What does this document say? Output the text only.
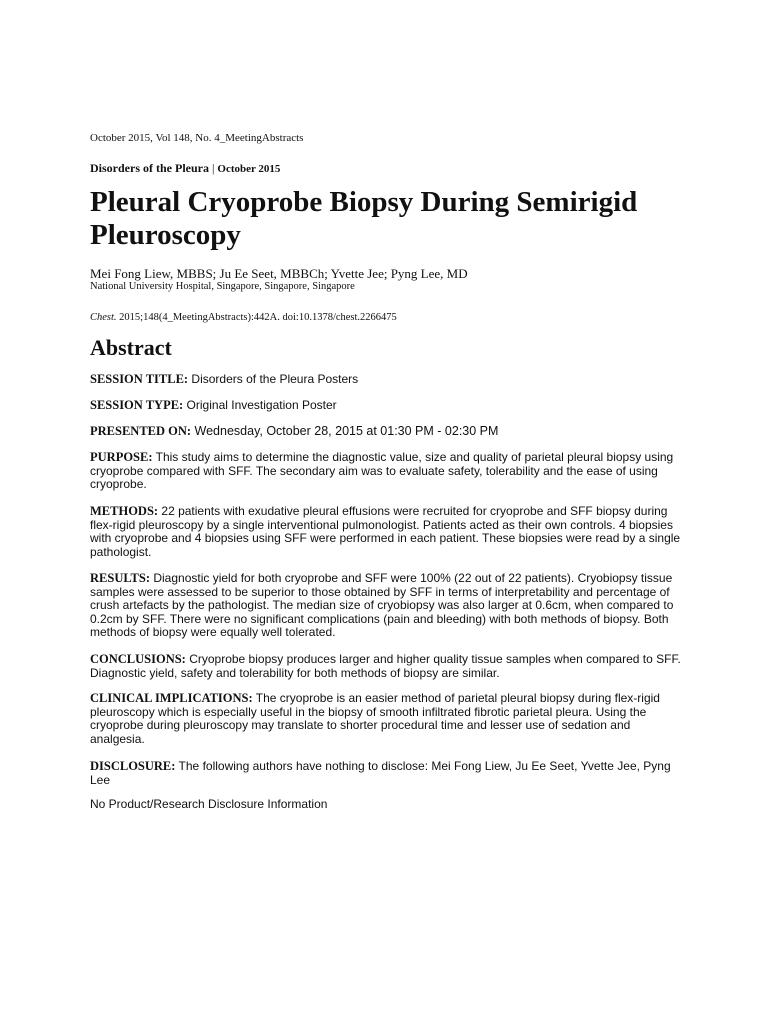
October 2015, Vol 148, No. 4_MeetingAbstracts
Disorders of the Pleura | October 2015
Pleural Cryoprobe Biopsy During Semirigid Pleuroscopy
Mei Fong Liew, MBBS; Ju Ee Seet, MBBCh; Yvette Jee; Pyng Lee, MD
National University Hospital, Singapore, Singapore, Singapore
Chest. 2015;148(4_MeetingAbstracts):442A. doi:10.1378/chest.2266475
Abstract

SESSION TITLE: Disorders of the Pleura Posters

SESSION TYPE: Original Investigation Poster

PRESENTED ON: Wednesday, October 28, 2015 at 01:30 PM - 02:30 PM

PURPOSE: This study aims to determine the diagnostic value, size and quality of parietal pleural biopsy using cryoprobe compared with SFF. The secondary aim was to evaluate safety, tolerability and the ease of using cryoprobe.

METHODS: 22 patients with exudative pleural effusions were recruited for cryoprobe and SFF biopsy during flex-rigid pleuroscopy by a single interventional pulmonologist. Patients acted as their own controls. 4 biopsies with cryoprobe and 4 biopsies using SFF were performed in each patient. These biopsies were read by a single pathologist.

RESULTS: Diagnostic yield for both cryoprobe and SFF were 100% (22 out of 22 patients). Cryobiopsy tissue samples were assessed to be superior to those obtained by SFF in terms of interpretability and percentage of crush artefacts by the pathologist. The median size of cryobiopsy was also larger at 0.6cm, when compared to 0.2cm by SFF. There were no significant complications (pain and bleeding) with both methods of biopsy. Both methods of biopsy were equally well tolerated.

CONCLUSIONS: Cryoprobe biopsy produces larger and higher quality tissue samples when compared to SFF. Diagnostic yield, safety and tolerability for both methods of biopsy are similar.

CLINICAL IMPLICATIONS: The cryoprobe is an easier method of parietal pleural biopsy during flex-rigid pleuroscopy which is especially useful in the biopsy of smooth infiltrated fibrotic parietal pleura. Using the cryoprobe during pleuroscopy may translate to shorter procedural time and lesser use of sedation and analgesia.

DISCLOSURE: The following authors have nothing to disclose: Mei Fong Liew, Ju Ee Seet, Yvette Jee, Pyng Lee

No Product/Research Disclosure Information
